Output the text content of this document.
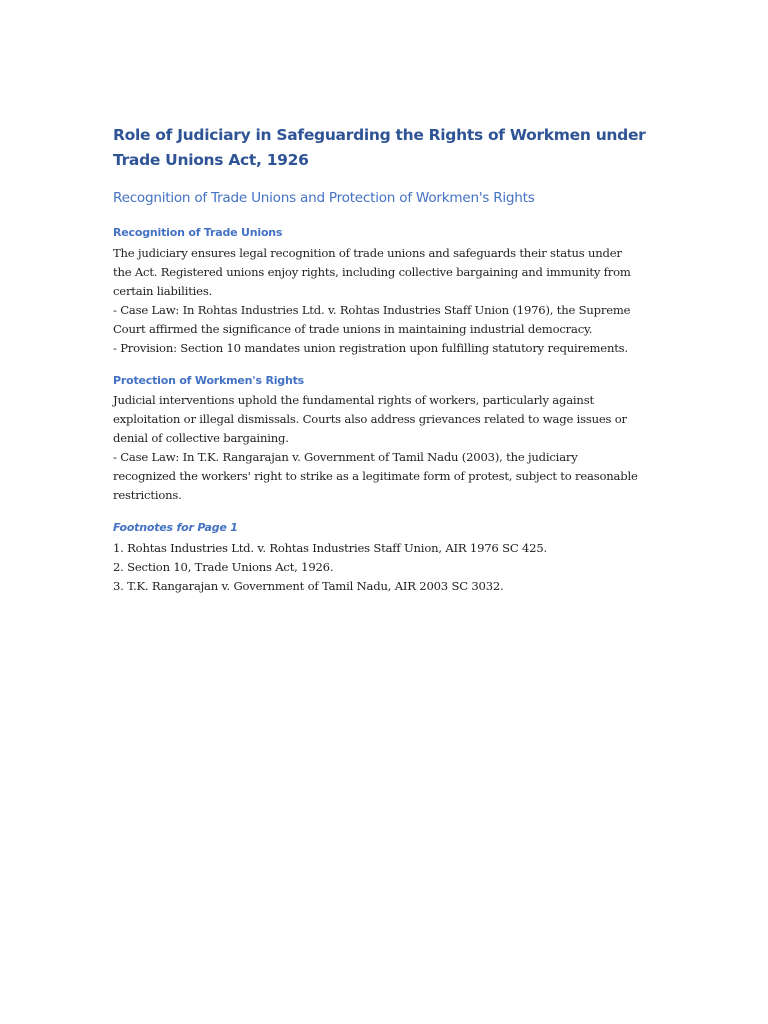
Role of Judiciary in Safeguarding the Rights of Workmen under Trade Unions Act, 1926
Recognition of Trade Unions and Protection of Workmen's Rights
Recognition of Trade Unions
The judiciary ensures legal recognition of trade unions and safeguards their status under
the Act. Registered unions enjoy rights, including collective bargaining and immunity from
certain liabilities.
- Case Law: In Rohtas Industries Ltd. v. Rohtas Industries Staff Union (1976), the Supreme
Court affirmed the significance of trade unions in maintaining industrial democracy.
- Provision: Section 10 mandates union registration upon fulfilling statutory requirements.
Protection of Workmen's Rights
Judicial interventions uphold the fundamental rights of workers, particularly against
exploitation or illegal dismissals. Courts also address grievances related to wage issues or
denial of collective bargaining.
- Case Law: In T.K. Rangarajan v. Government of Tamil Nadu (2003), the judiciary
recognized the workers' right to strike as a legitimate form of protest, subject to reasonable
restrictions.
Footnotes for Page 1
1. Rohtas Industries Ltd. v. Rohtas Industries Staff Union, AIR 1976 SC 425.
2. Section 10, Trade Unions Act, 1926.
3. T.K. Rangarajan v. Government of Tamil Nadu, AIR 2003 SC 3032.
